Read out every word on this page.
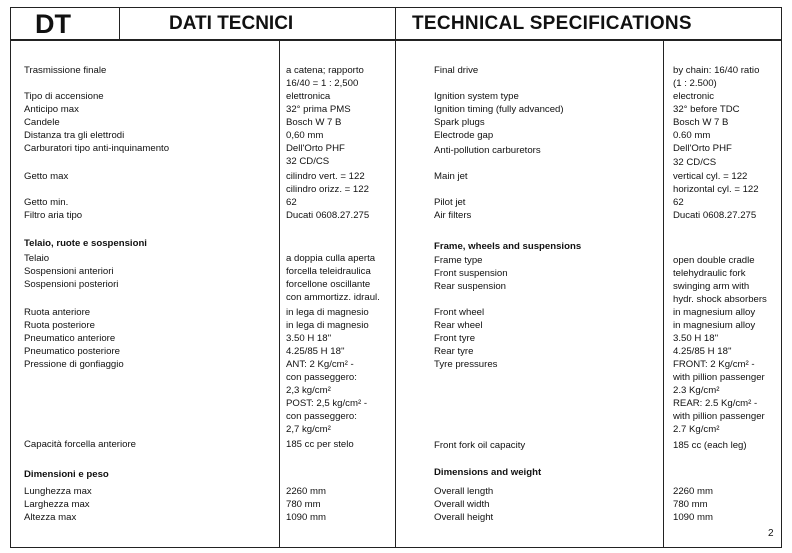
DT	DATI TECNICI	TECHNICAL SPECIFICATIONS
Trasmissione finale
Tipo di accensione
Anticipo max
Candele
Distanza tra gli elettrodi
Carburatori tipo anti-inquinamento
Getto max
Getto min.
Filtro aria tipo
Telaio, ruote e sospensioni
Telaio
Sospensioni anteriori
Sospensioni posteriori
Ruota anteriore
Ruota posteriore
Pneumatico anteriore
Pneumatico posteriore
Pressione di gonfiaggio
Capacità forcella anteriore
Dimensioni e peso
Lunghezza max
Larghezza max
Altezza max
a catena; rapporto
16/40 = 1 : 2,500
elettronica
32° prima PMS
Bosch W 7 B
0,60 mm
Dell'Orto PHF
32 CD/CS
cilindro vert. = 122
cilindro orizz. = 122
62
Ducati 0608.27.275
a doppia culla aperta
forcella teleidraulica
forcellone oscillante
con ammortizz. idraul.
in lega di magnesio
in lega di magnesio
3.50 H 18''
4.25/85 H 18''
ANT: 2 Kg/cm² -
con passeggero:
2,3 kg/cm²
POST: 2,5 kg/cm² -
con passeggero:
2,7 kg/cm²
185 cc per stelo
2260 mm
780 mm
1090 mm
Final drive
Ignition system type
Ignition timing (fully advanced)
Spark plugs
Electrode gap
Anti-pollution carburetors
Main jet
Pilot jet
Air filters
Frame, wheels and suspensions
Frame type
Front suspension
Rear suspension
Front wheel
Rear wheel
Front tyre
Rear tyre
Tyre pressures
Front fork oil capacity
Dimensions and weight
Overall length
Overall width
Overall height
by chain: 16/40 ratio
(1 : 2.500)
electronic
32° before TDC
Bosch W 7 B
0.60 mm
Dell'Orto PHF
32 CD/CS
vertical cyl. = 122
horizontal cyl. = 122
62
Ducati 0608.27.275
open double cradle
telehydraulic fork
swinging arm with
hydr. shock absorbers
in magnesium alloy
in magnesium alloy
3.50 H 18''
4.25/85 H 18''
FRONT: 2 Kg/cm² -
with pillion passenger
2.3 Kg/cm²
REAR: 2.5 Kg/cm² -
with pillion passenger
2.7 Kg/cm²
185 cc (each leg)
2260 mm
780 mm
1090 mm
2
